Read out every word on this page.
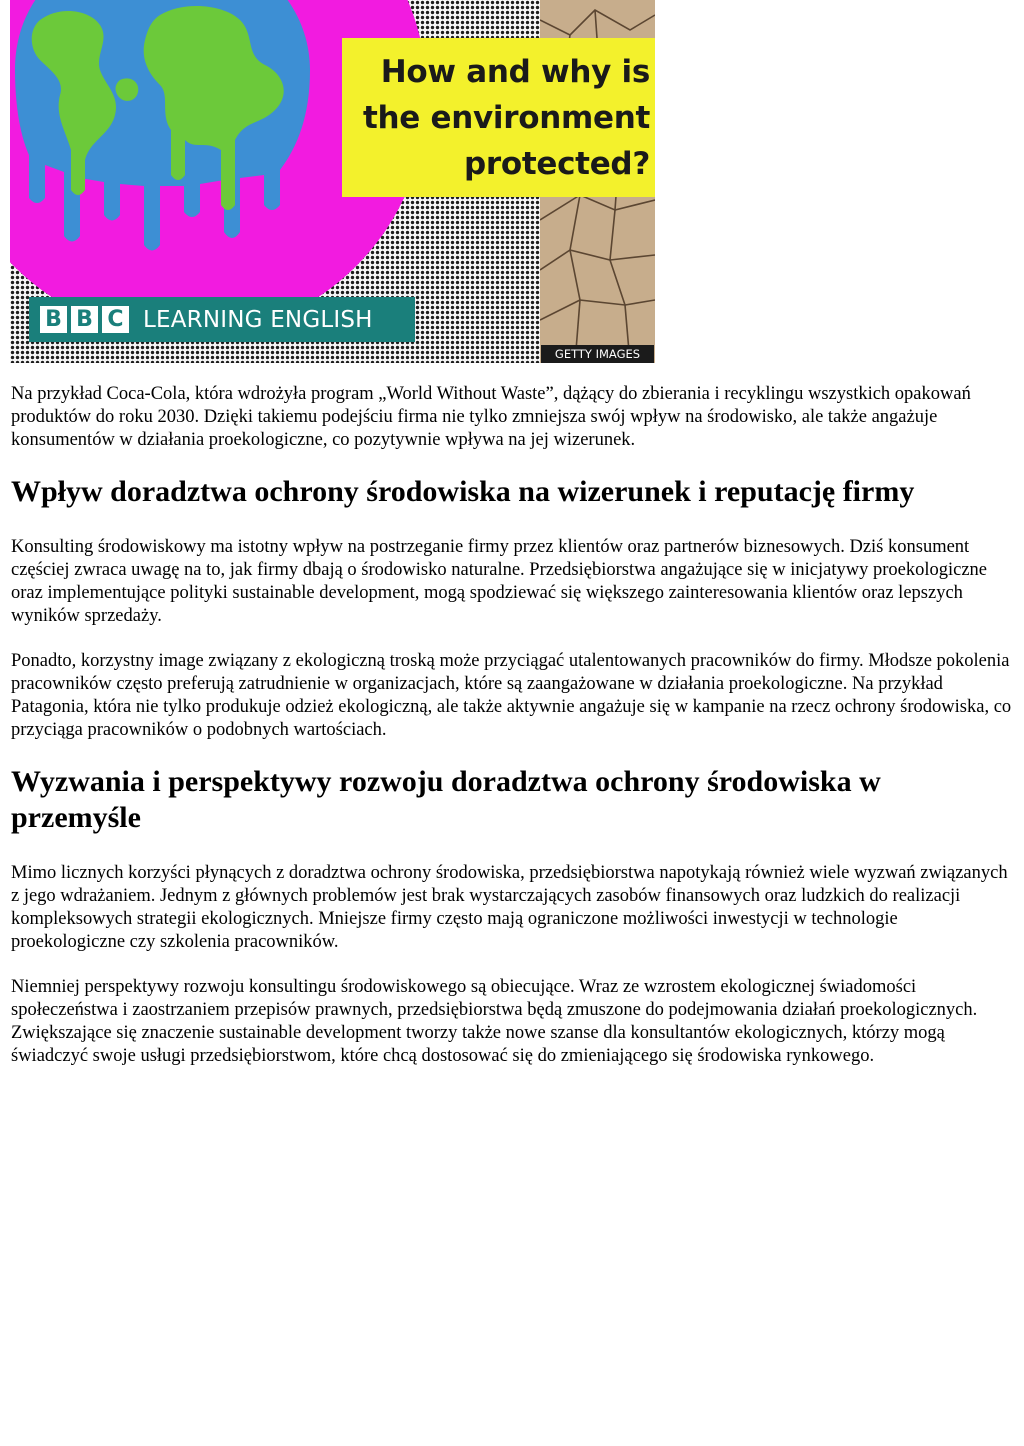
How and why is the environment protected?
B B C LEARNING ENGLISH
GETTY IMAGES

Na przykład Coca-Cola, która wdrożyła program „World Without Waste”, dążący do zbierania i recyklingu wszystkich opakowań produktów do roku 2030. Dzięki takiemu podejściu firma nie tylko zmniejsza swój wpływ na środowisko, ale także angażuje konsumentów w działania proekologiczne, co pozytywnie wpływa na jej wizerunek.

Wpływ doradztwa ochrony środowiska na wizerunek i reputację firmy

Konsulting środowiskowy ma istotny wpływ na postrzeganie firmy przez klientów oraz partnerów biznesowych. Dziś konsument częściej zwraca uwagę na to, jak firmy dbają o środowisko naturalne. Przedsiębiorstwa angażujące się w inicjatywy proekologiczne oraz implementujące polityki sustainable development, mogą spodziewać się większego zainteresowania klientów oraz lepszych wyników sprzedaży.

Ponadto, korzystny image związany z ekologiczną troską może przyciągać utalentowanych pracowników do firmy. Młodsze pokolenia pracowników często preferują zatrudnienie w organizacjach, które są zaangażowane w działania proekologiczne. Na przykład Patagonia, która nie tylko produkuje odzież ekologiczną, ale także aktywnie angażuje się w kampanie na rzecz ochrony środowiska, co przyciąga pracowników o podobnych wartościach.

Wyzwania i perspektywy rozwoju doradztwa ochrony środowiska w przemyśle

Mimo licznych korzyści płynących z doradztwa ochrony środowiska, przedsiębiorstwa napotykają również wiele wyzwań związanych z jego wdrażaniem. Jednym z głównych problemów jest brak wystarczających zasobów finansowych oraz ludzkich do realizacji kompleksowych strategii ekologicznych. Mniejsze firmy często mają ograniczone możliwości inwestycji w technologie proekologiczne czy szkolenia pracowników.

Niemniej perspektywy rozwoju konsultingu środowiskowego są obiecujące. Wraz ze wzrostem ekologicznej świadomości społeczeństwa i zaostrzaniem przepisów prawnych, przedsiębiorstwa będą zmuszone do podejmowania działań proekologicznych. Zwiększające się znaczenie sustainable development tworzy także nowe szanse dla konsultantów ekologicznych, którzy mogą świadczyć swoje usługi przedsiębiorstwom, które chcą dostosować się do zmieniającego się środowiska rynkowego.
